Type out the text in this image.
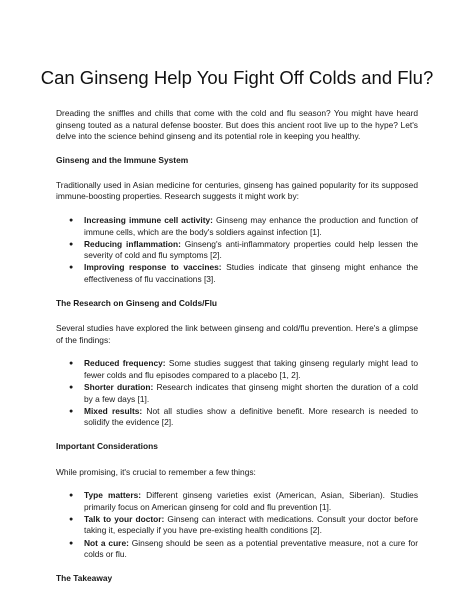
Can Ginseng Help You Fight Off Colds and Flu?

Dreading the sniffles and chills that come with the cold and flu season? You might have heard ginseng touted as a natural defense booster. But does this ancient root live up to the hype? Let's delve into the science behind ginseng and its potential role in keeping you healthy.

Ginseng and the Immune System

Traditionally used in Asian medicine for centuries, ginseng has gained popularity for its supposed immune-boosting properties. Research suggests it might work by:

● Increasing immune cell activity: Ginseng may enhance the production and function of immune cells, which are the body's soldiers against infection [1].
● Reducing inflammation: Ginseng's anti-inflammatory properties could help lessen the severity of cold and flu symptoms [2].
● Improving response to vaccines: Studies indicate that ginseng might enhance the effectiveness of flu vaccinations [3].
The Research on Ginseng and Colds/Flu

Several studies have explored the link between ginseng and cold/flu prevention. Here's a glimpse of the findings:

● Reduced frequency: Some studies suggest that taking ginseng regularly might lead to fewer colds and flu episodes compared to a placebo [1, 2].
● Shorter duration: Research indicates that ginseng might shorten the duration of a cold by a few days [1].
● Mixed results: Not all studies show a definitive benefit. More research is needed to solidify the evidence [2].
Important Considerations

While promising, it's crucial to remember a few things:

● Type matters: Different ginseng varieties exist (American, Asian, Siberian). Studies primarily focus on American ginseng for cold and flu prevention [1].
● Talk to your doctor: Ginseng can interact with medications. Consult your doctor before taking it, especially if you have pre-existing health conditions [2].
● Not a cure: Ginseng should be seen as a potential preventative measure, not a cure for colds or flu.
The Takeaway
